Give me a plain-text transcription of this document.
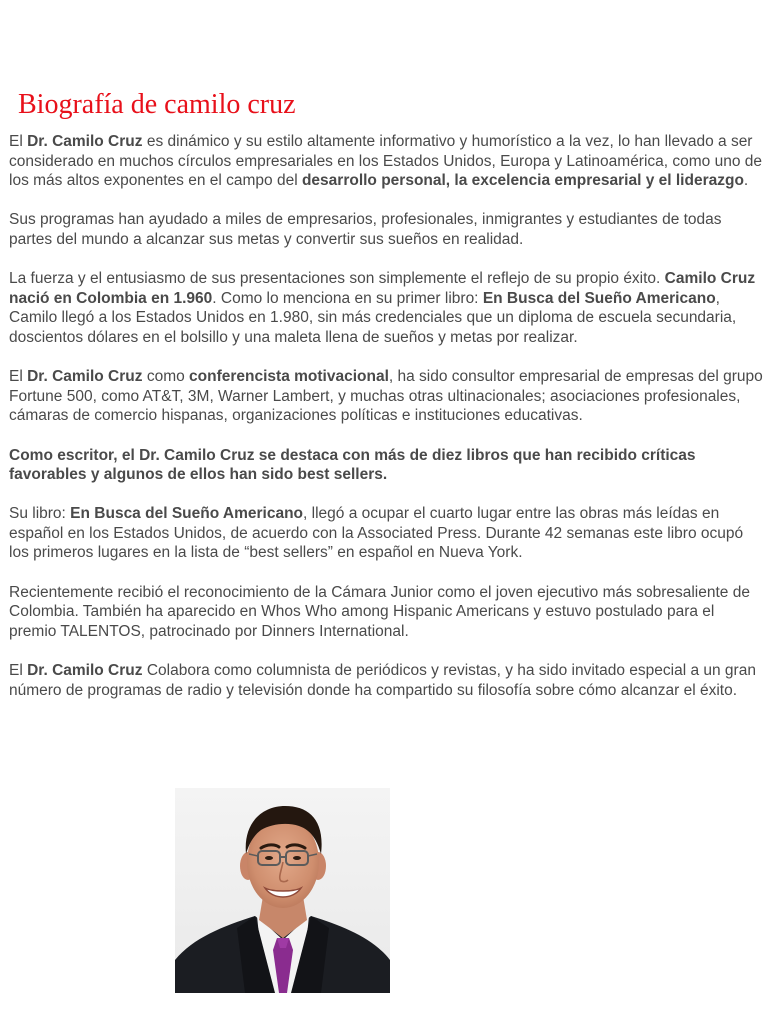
Biografía de camilo cruz

El Dr. Camilo Cruz es dinámico y su estilo altamente informativo y humorístico a la vez, lo han llevado a ser considerado en muchos círculos empresariales en los Estados Unidos, Europa y Latinoamérica, como uno de los más altos exponentes en el campo del desarrollo personal, la excelencia empresarial y el liderazgo.

Sus programas han ayudado a miles de empresarios, profesionales, inmigrantes y estudiantes de todas partes del mundo a alcanzar sus metas y convertir sus sueños en realidad.

La fuerza y el entusiasmo de sus presentaciones son simplemente el reflejo de su propio éxito. Camilo Cruz nació en Colombia en 1.960. Como lo menciona en su primer libro: En Busca del Sueño Americano, Camilo llegó a los Estados Unidos en 1.980, sin más credenciales que un diploma de escuela secundaria, doscientos dólares en el bolsillo y una maleta llena de sueños y metas por realizar.

El Dr. Camilo Cruz como conferencista motivacional, ha sido consultor empresarial de empresas del grupo Fortune 500, como AT&T, 3M, Warner Lambert, y muchas otras ultinacionales; asociaciones profesionales, cámaras de comercio hispanas, organizaciones políticas e instituciones educativas.

Como escritor, el Dr. Camilo Cruz se destaca con más de diez libros que han recibido críticas favorables y algunos de ellos han sido best sellers.

Su libro: En Busca del Sueño Americano, llegó a ocupar el cuarto lugar entre las obras más leídas en español en los Estados Unidos, de acuerdo con la Associated Press. Durante 42 semanas este libro ocupó los primeros lugares en la lista de “best sellers” en español en Nueva York.

Recientemente recibió el reconocimiento de la Cámara Junior como el joven ejecutivo más sobresaliente de Colombia. También ha aparecido en Whos Who among Hispanic Americans y estuvo postulado para el premio TALENTOS, patrocinado por Dinners International.

El Dr. Camilo Cruz Colabora como columnista de periódicos y revistas, y ha sido invitado especial a un gran número de programas de radio y televisión donde ha compartido su filosofía sobre cómo alcanzar el éxito.
